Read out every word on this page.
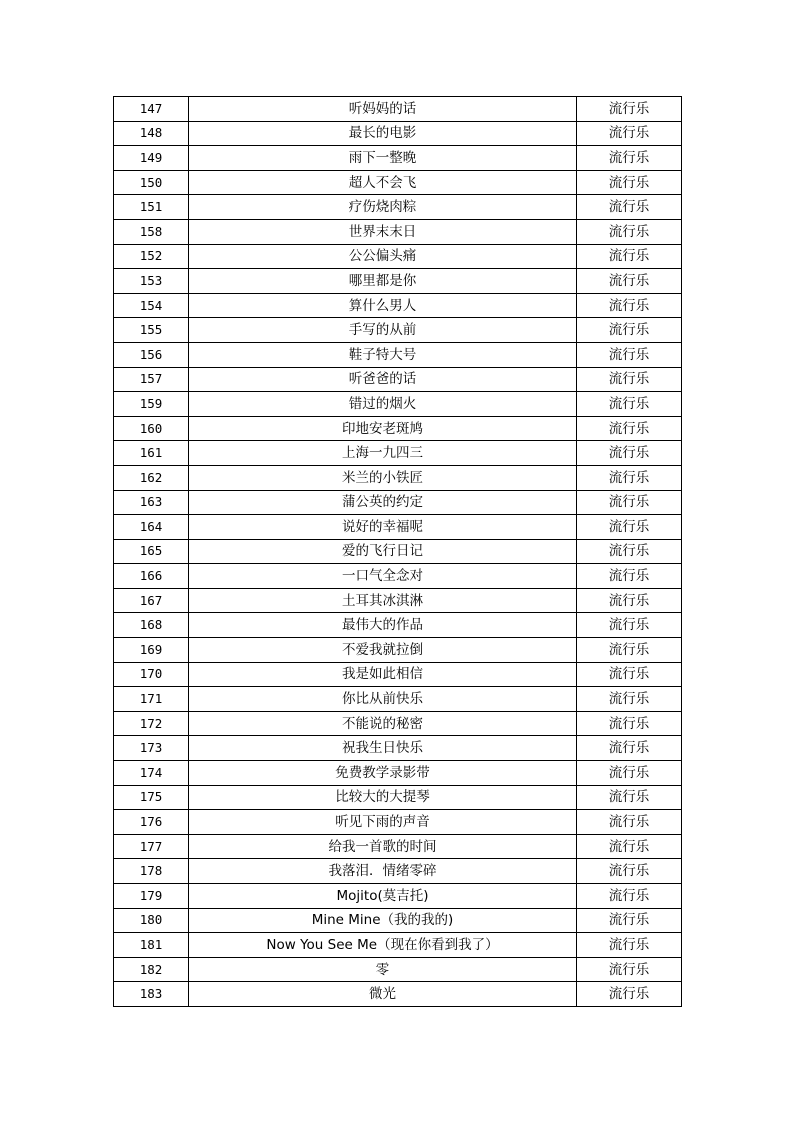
147	听妈妈的话	流行乐
148	最长的电影	流行乐
149	雨下一整晚	流行乐
150	超人不会飞	流行乐
151	疗伤烧肉粽	流行乐
158	世界末末日	流行乐
152	公公偏头痛	流行乐
153	哪里都是你	流行乐
154	算什么男人	流行乐
155	手写的从前	流行乐
156	鞋子特大号	流行乐
157	听爸爸的话	流行乐
159	错过的烟火	流行乐
160	印地安老斑鸠	流行乐
161	上海一九四三	流行乐
162	米兰的小铁匠	流行乐
163	蒲公英的约定	流行乐
164	说好的幸福呢	流行乐
165	爱的飞行日记	流行乐
166	一口气全念对	流行乐
167	土耳其冰淇淋	流行乐
168	最伟大的作品	流行乐
169	不爱我就拉倒	流行乐
170	我是如此相信	流行乐
171	你比从前快乐	流行乐
172	不能说的秘密	流行乐
173	祝我生日快乐	流行乐
174	免费教学录影带	流行乐
175	比较大的大提琴	流行乐
176	听见下雨的声音	流行乐
177	给我一首歌的时间	流行乐
178	我落泪．情绪零碎	流行乐
179	Mojito(莫吉托)	流行乐
180	Mine Mine（我的我的)	流行乐
181	Now You See Me（现在你看到我了）	流行乐
182	零	流行乐
183	微光	流行乐
